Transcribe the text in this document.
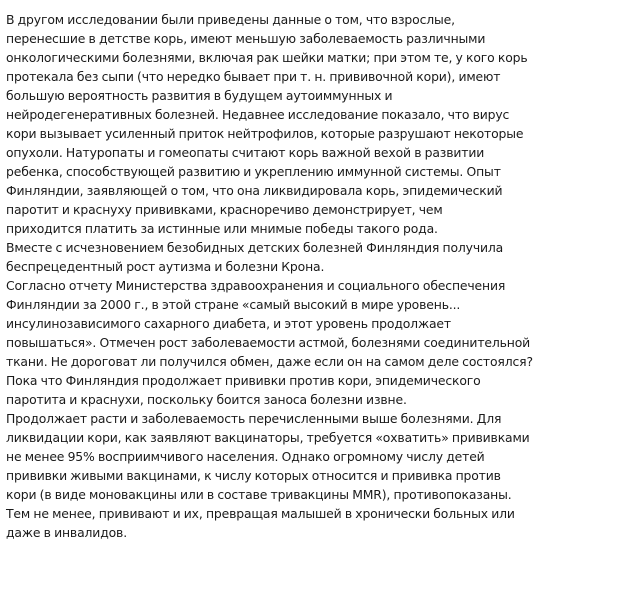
В другом исследовании были приведены данные о том, что взрослые,
перенесшие в детстве корь, имеют меньшую заболеваемость различными
онкологическими болезнями, включая рак шейки матки; при этом те, у кого корь
протекала без сыпи (что нередко бывает при т. н. прививочной кори), имеют
большую вероятность развития в будущем аутоиммунных и
нейродегенеративных болезней. Недавнее исследование показало, что вирус
кори вызывает усиленный приток нейтрофилов, которые разрушают некоторые
опухоли. Натуропаты и гомеопаты считают корь важной вехой в развитии
ребенка, способствующей развитию и укреплению иммунной системы. Опыт
Финляндии, заявляющей о том, что она ликвидировала корь, эпидемический
паротит и краснуху прививками, красноречиво демонстрирует, чем
приходится платить за истинные или мнимые победы такого рода.
Вместе с исчезновением безобидных детских болезней Финляндия получила
беспрецедентный рост аутизма и болезни Крона.
Согласно отчету Министерства здравоохранения и социального обеспечения
Финляндии за 2000 г., в этой стране «самый высокий в мире уровень...
инсулинозависимого сахарного диабета, и этот уровень продолжает
повышаться». Отмечен рост заболеваемости астмой, болезнями соединительной
ткани. Не дороговат ли получился обмен, даже если он на самом деле состоялся?
Пока что Финляндия продолжает прививки против кори, эпидемического
паротита и краснухи, поскольку боится заноса болезни извне.
Продолжает расти и заболеваемость перечисленными выше болезнями. Для
ликвидации кори, как заявляют вакцинаторы, требуется «охватить» прививками
не менее 95% восприимчивого населения. Однако огромному числу детей
прививки живыми вакцинами, к числу которых относится и прививка против
кори (в виде моновакцины или в составе тривакцины MMR), противопоказаны.
Тем не менее, прививают и их, превращая малышей в хронически больных или
даже в инвалидов.
